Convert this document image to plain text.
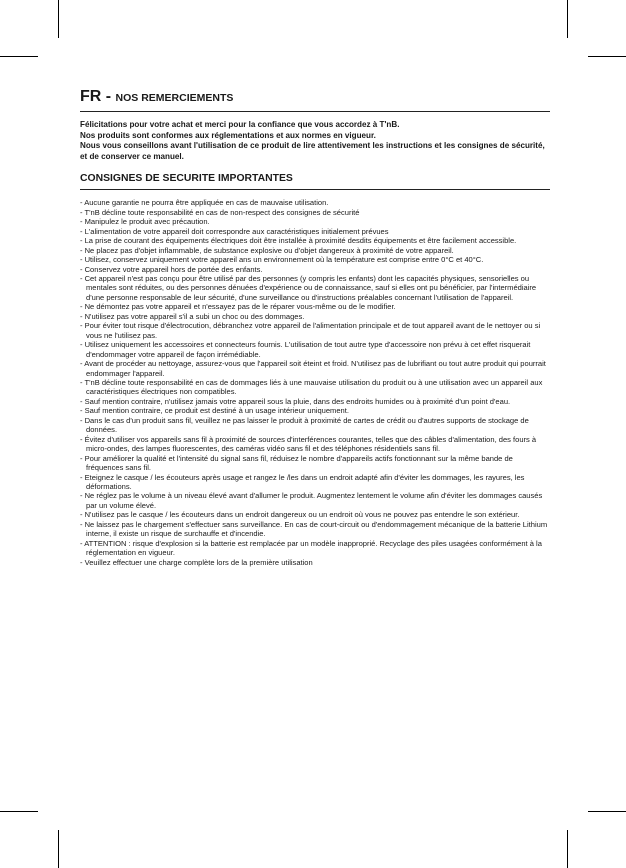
FR - NOS REMERCIEMENTS

Félicitations pour votre achat et merci pour la confiance que vous accordez à T'nB.

Nos produits sont conformes aux réglementations et aux normes en vigueur.

Nous vous conseillons avant l'utilisation de ce produit de lire attentivement les instructions et les consignes de sécurité, et de conserver ce manuel.

CONSIGNES DE SECURITE IMPORTANTES
- Aucune garantie ne pourra être appliquée en cas de mauvaise utilisation.
- T'nB décline toute responsabilité en cas de non-respect des consignes de sécurité
- Manipulez le produit avec précaution.
- L'alimentation de votre appareil doit correspondre aux caractéristiques initialement prévues
- La prise de courant des équipements électriques doit être installée à proximité desdits équipements et être facilement accessible.
- Ne placez pas d'objet inflammable, de substance explosive ou d'objet dangereux à proximité de votre appareil.
- Utilisez, conservez uniquement votre appareil ans un environnement où la température est comprise entre 0°C et 40°C.
- Conservez votre appareil hors de portée des enfants.
- Cet appareil n'est pas conçu pour être utilisé par des personnes (y compris les enfants) dont les capacités physiques, sensorielles ou mentales sont réduites, ou des personnes dénuées d'expérience ou de connaissance, sauf si elles ont pu bénéficier, par l'intermédiaire d'une personne responsable de leur sécurité, d'une surveillance ou d'instructions préalables concernant l'utilisation de l'appareil.
- Ne démontez pas votre appareil et n'essayez pas de le réparer vous-même ou de le modifier.
- N'utilisez pas votre appareil s'il a subi un choc ou des dommages.
- Pour éviter tout risque d'électrocution, débranchez votre appareil de l'alimentation principale et de tout appareil avant de le nettoyer ou si vous ne l'utilisez pas.
- Utilisez uniquement les accessoires et connecteurs fournis. L'utilisation de tout autre type d'accessoire non prévu à cet effet risquerait d'endommager votre appareil de façon irrémédiable.
- Avant de procéder au nettoyage, assurez-vous que l'appareil soit éteint et froid. N'utilisez pas de lubrifiant ou tout autre produit qui pourrait endommager l'appareil.
- T'nB décline toute responsabilité en cas de dommages liés à une mauvaise utilisation du produit ou à une utilisation avec un appareil aux caractéristiques électriques non compatibles.
- Sauf mention contraire, n'utilisez jamais votre appareil sous la pluie, dans des endroits humides ou à proximité d'un point d'eau.
- Sauf mention contraire, ce produit est destiné à un usage intérieur uniquement.
- Dans le cas d'un produit sans fil, veuillez ne pas laisser le produit à proximité de cartes de crédit ou d'autres supports de stockage de données.
- Évitez d'utiliser vos appareils sans fil à proximité de sources d'interférences courantes, telles que des câbles d'alimentation, des fours à micro-ondes, des lampes fluorescentes, des caméras vidéo sans fil et des téléphones résidentiels sans fil.
- Pour améliorer la qualité et l'intensité du signal sans fil, réduisez le nombre d'appareils actifs fonctionnant sur la même bande de fréquences sans fil.
- Eteignez le casque / les écouteurs après usage et rangez le /les dans un endroit adapté afin d'éviter les dommages, les rayures, les déformations.
- Ne réglez pas le volume à un niveau élevé avant d'allumer le produit. Augmentez lentement le volume afin d'éviter les dommages causés par un volume élevé.
- N'utilisez pas le casque / les écouteurs dans un endroit dangereux ou un endroit où vous ne pouvez pas entendre le son extérieur.
- Ne laissez pas le chargement s'effectuer sans surveillance. En cas de court-circuit ou d'endommagement mécanique de la batterie Lithium interne, il existe un risque de surchauffe et d'incendie.
- ATTENTION : risque d'explosion si la batterie est remplacée par un modèle inapproprié. Recyclage des piles usagées conformément à la réglementation en vigueur.
- Veuillez effectuer une charge complète lors de la première utilisation
